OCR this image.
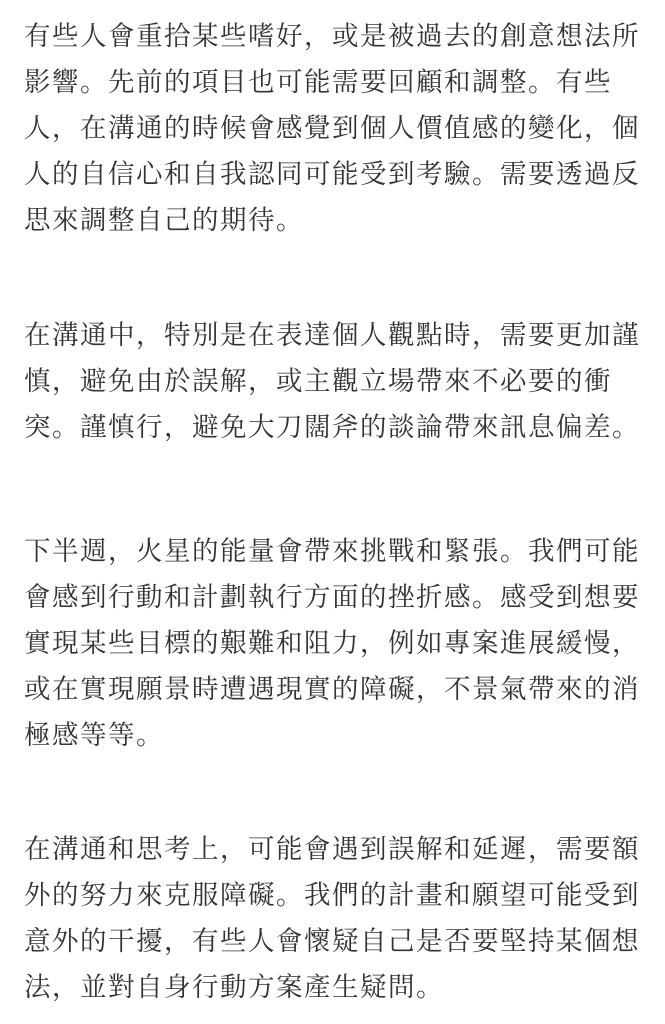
有些人會重拾某些嗜好，或是被過去的創意想法所
影響。先前的項目也可能需要回顧和調整。有些
人，在溝通的時候會感覺到個人價值感的變化，個
人的自信心和自我認同可能受到考驗。需要透過反
思來調整自己的期待。

在溝通中，特別是在表達個人觀點時，需要更加謹
慎，避免由於誤解，或主觀立場帶來不必要的衝
突。謹慎行，避免大刀闊斧的談論帶來訊息偏差。

下半週，火星的能量會帶來挑戰和緊張。我們可能
會感到行動和計劃執行方面的挫折感。感受到想要
實現某些目標的艱難和阻力，例如專案進展緩慢，
或在實現願景時遭遇現實的障礙，不景氣帶來的消
極感等等。

在溝通和思考上，可能會遇到誤解和延遲，需要額
外的努力來克服障礙。我們的計畫和願望可能受到
意外的干擾，有些人會懷疑自己是否要堅持某個想
法，並對自身行動方案產生疑問。
